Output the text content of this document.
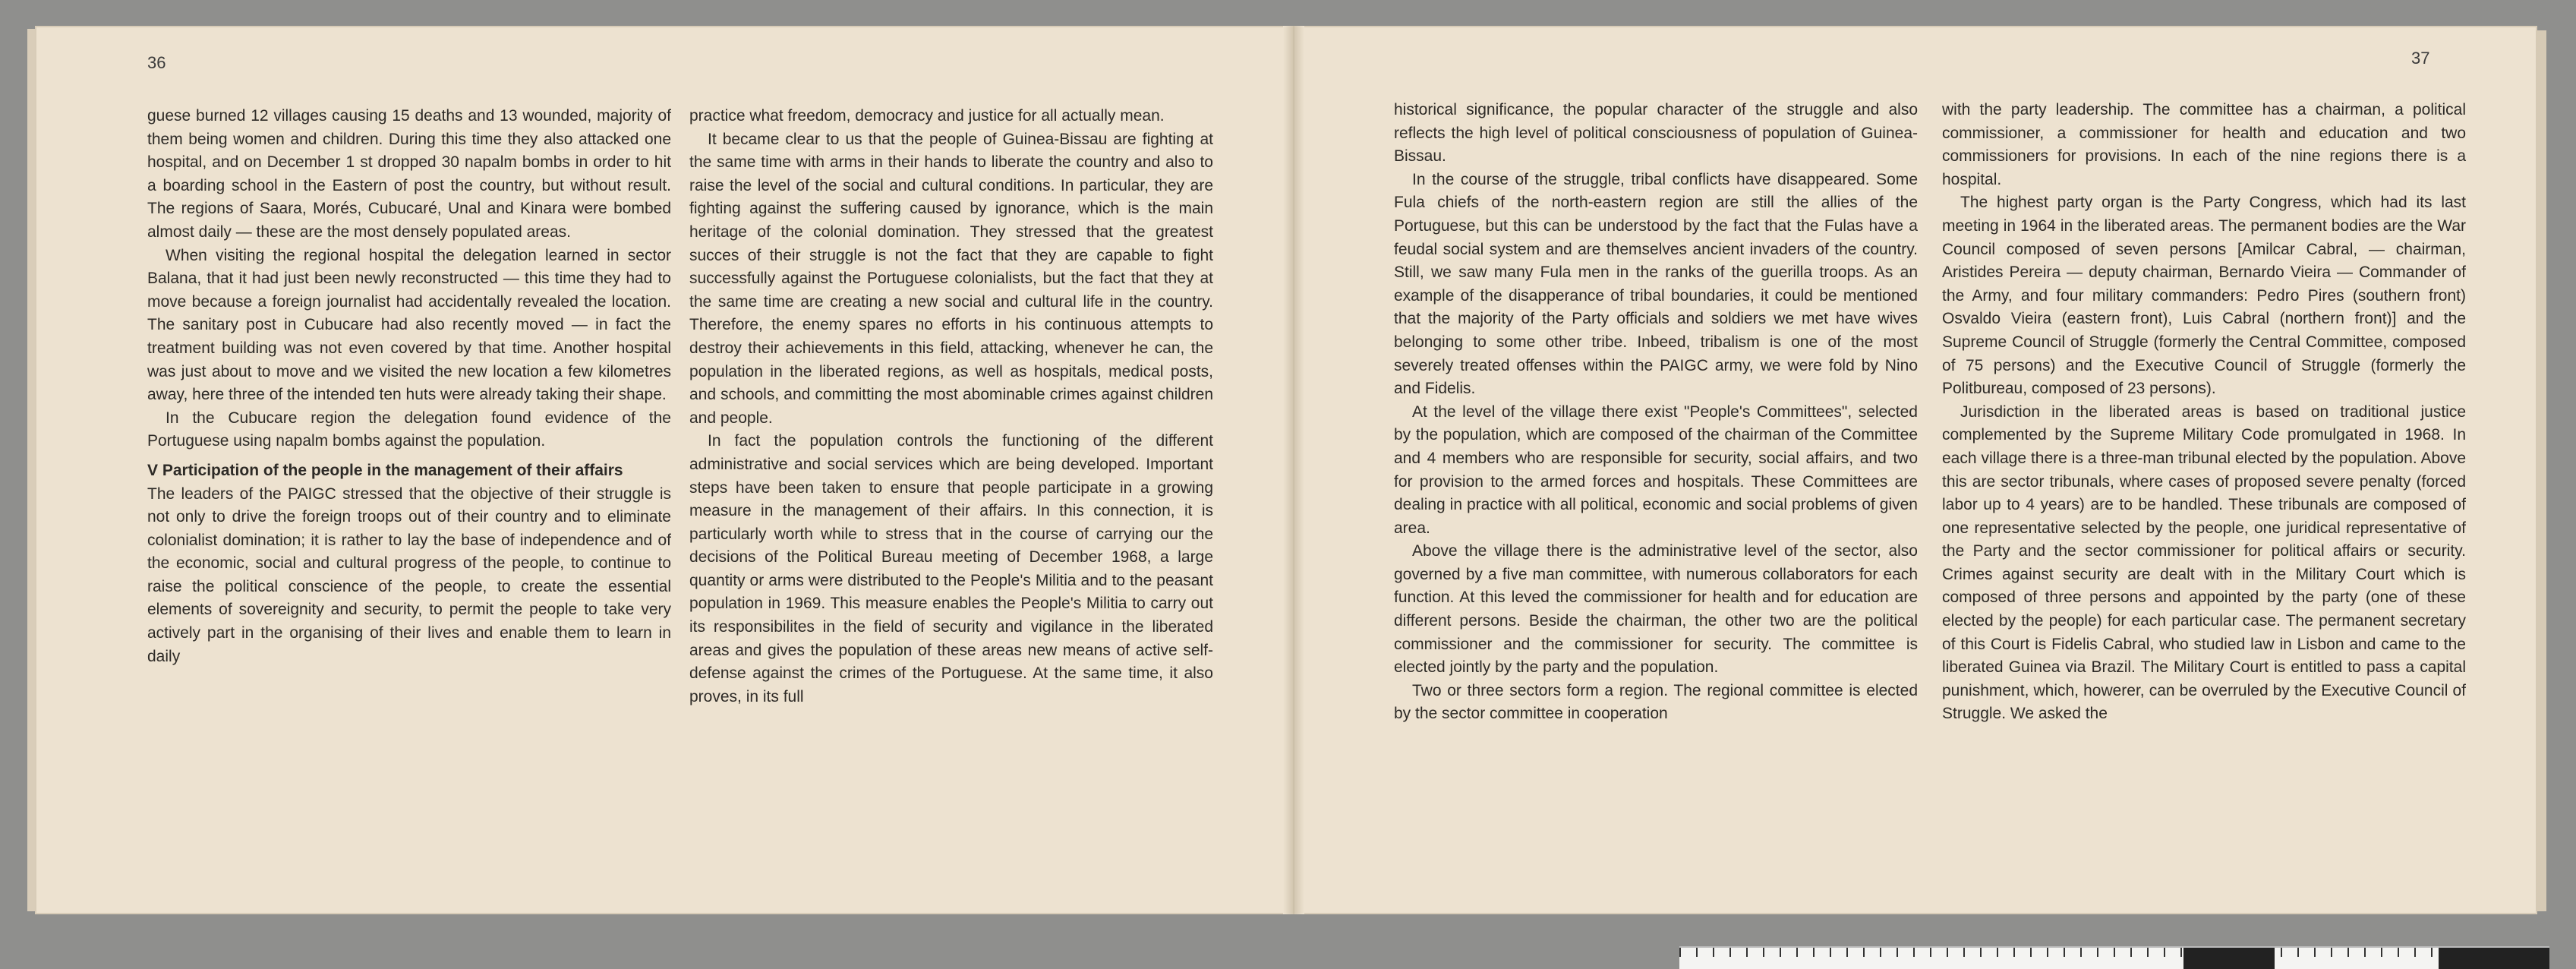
36

guese burned 12 villages causing 15 deaths and 13 wounded, majority of them being women and children. During this time they also attacked one hospital, and on December 1 st dropped 30 napalm bombs in order to hit a boarding school in the Eastern of post the country, but without result. The regions of Saara, Morés, Cubucaré, Unal and Kinara were bombed almost daily — these are the most densely populated areas.

When visiting the regional hospital the delegation learned in sector Balana, that it had just been newly reconstructed — this time they had to move because a foreign journalist had accidentally revealed the location. The sanitary post in Cubucare had also recently moved — in fact the treatment building was not even covered by that time. Another hospital was just about to move and we visited the new location a few kilometres away, here three of the intended ten huts were already taking their shape.

In the Cubucare region the delegation found evidence of the Portuguese using napalm bombs against the population.

V Participation of the people in the management of their affairs

The leaders of the PAIGC stressed that the objective of their struggle is not only to drive the foreign troops out of their country and to eliminate colonialist domination; it is rather to lay the base of independence and of the economic, social and cultural progress of the people, to continue to raise the political conscience of the people, to create the essential elements of sovereignity and security, to permit the people to take very actively part in the organising of their lives and enable them to learn in daily

practice what freedom, democracy and justice for all actually mean.

It became clear to us that the people of Guinea-Bissau are fighting at the same time with arms in their hands to liberate the country and also to raise the level of the social and cultural conditions. In particular, they are fighting against the suffering caused by ignorance, which is the main heritage of the colonial domination. They stressed that the greatest succes of their struggle is not the fact that they are capable to fight successfully against the Portuguese colonialists, but the fact that they at the same time are creating a new social and cultural life in the country. Therefore, the enemy spares no efforts in his continuous attempts to destroy their achievements in this field, attacking, whenever he can, the population in the liberated regions, as well as hospitals, medical posts, and schools, and committing the most abominable crimes against children and people.

In fact the population controls the functioning of the different administrative and social services which are being developed. Important steps have been taken to ensure that people participate in a growing measure in the management of their affairs. In this connection, it is particularly worth while to stress that in the course of carrying our the decisions of the Political Bureau meeting of December 1968, a large quantity or arms were distributed to the People's Militia and to the peasant population in 1969. This measure enables the People's Militia to carry out its responsibilites in the field of security and vigilance in the liberated areas and gives the population of these areas new means of active self-defense against the crimes of the Portuguese. At the same time, it also proves, in its full

37

historical significance, the popular character of the struggle and also reflects the high level of political consciousness of population of Guinea-Bissau.

In the course of the struggle, tribal conflicts have disappeared. Some Fula chiefs of the north-eastern region are still the allies of the Portuguese, but this can be understood by the fact that the Fulas have a feudal social system and are themselves ancient invaders of the country. Still, we saw many Fula men in the ranks of the guerilla troops. As an example of the disapperance of tribal boundaries, it could be mentioned that the majority of the Party officials and soldiers we met have wives belonging to some other tribe. Inbeed, tribalism is one of the most severely treated offenses within the PAIGC army, we were fold by Nino and Fidelis.

At the level of the village there exist "People's Committees", selected by the population, which are composed of the chairman of the Committee and 4 members who are responsible for security, social affairs, and two for provision to the armed forces and hospitals. These Committees are dealing in practice with all political, economic and social problems of given area.

Above the village there is the administrative level of the sector, also governed by a five man committee, with numerous collaborators for each function. At this leved the commissioner for health and for education are different persons. Beside the chairman, the other two are the political commissioner and the commissioner for security. The committee is elected jointly by the party and the population.

Two or three sectors form a region. The regional committee is elected by the sector committee in cooperation

with the party leadership. The committee has a chairman, a political commissioner, a commissioner for health and education and two commissioners for provisions. In each of the nine regions there is a hospital.

The highest party organ is the Party Congress, which had its last meeting in 1964 in the liberated areas. The permanent bodies are the War Council composed of seven persons [Amilcar Cabral, — chairman, Aristides Pereira — deputy chairman, Bernardo Vieira — Commander of the Army, and four military commanders: Pedro Pires (southern front) Osvaldo Vieira (eastern front), Luis Cabral (northern front)] and the Supreme Council of Struggle (formerly the Central Committee, composed of 75 persons) and the Executive Council of Struggle (formerly the Politbureau, composed of 23 persons).

Jurisdiction in the liberated areas is based on traditional justice complemented by the Supreme Military Code promulgated in 1968. In each village there is a three-man tribunal elected by the population. Above this are sector tribunals, where cases of proposed severe penalty (forced labor up to 4 years) are to be handled. These tribunals are composed of one representative selected by the people, one juridical representative of the Party and the sector commissioner for political affairs or security. Crimes against security are dealt with in the Military Court which is composed of three persons and appointed by the party (one of these elected by the people) for each particular case. The permanent secretary of this Court is Fidelis Cabral, who studied law in Lisbon and came to the liberated Guinea via Brazil. The Military Court is entitled to pass a capital punishment, which, howerer, can be overruled by the Executive Council of Struggle. We asked the
